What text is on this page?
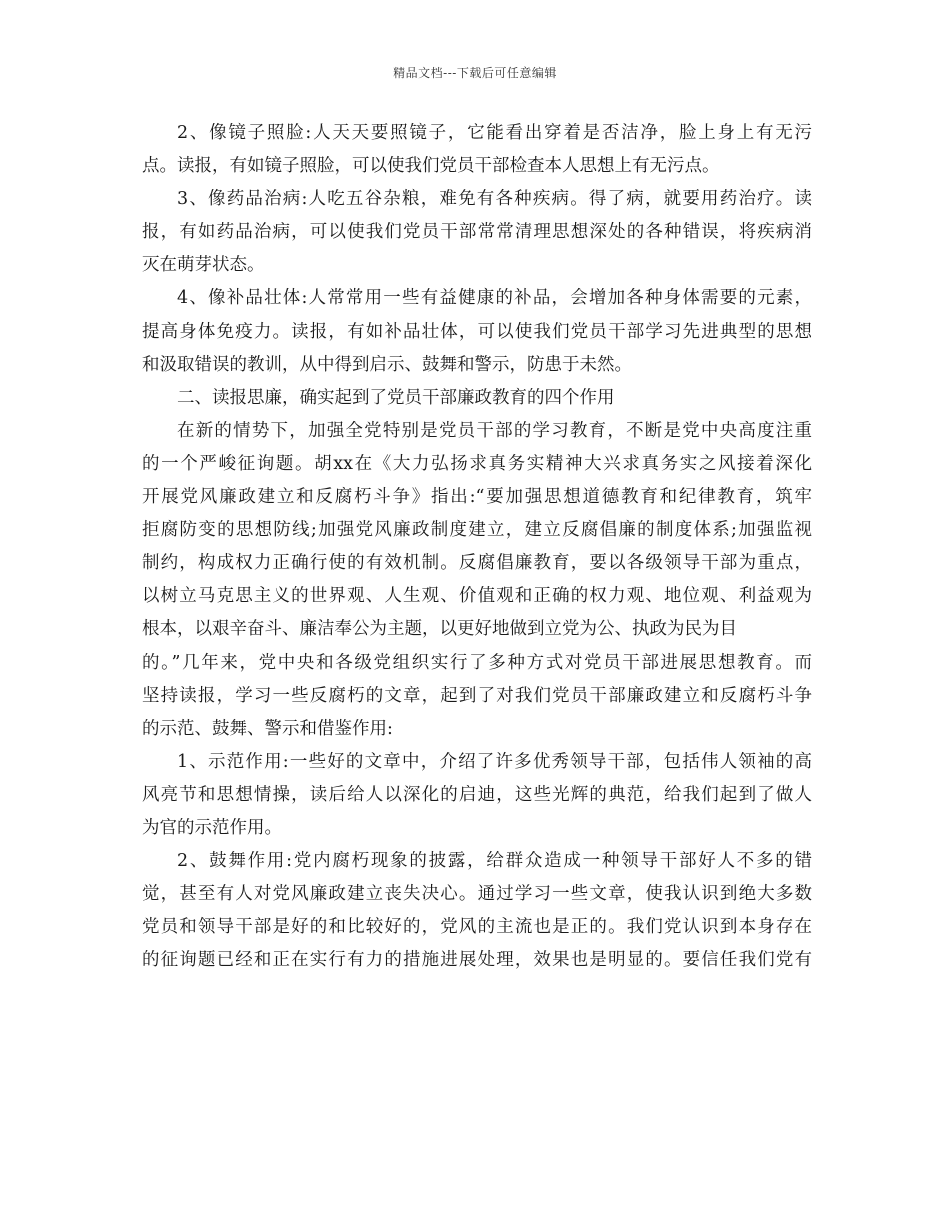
精品文档---下载后可任意编辑
2、像镜子照脸:人天天要照镜子，它能看出穿着是否洁净，脸上身上有无污
点。读报，有如镜子照脸，可以使我们党员干部检查本人思想上有无污点。
3、像药品治病:人吃五谷杂粮，难免有各种疾病。得了病，就要用药治疗。读
报，有如药品治病，可以使我们党员干部常常清理思想深处的各种错误，将疾病消
灭在萌芽状态。
4、像补品壮体:人常常用一些有益健康的补品，会增加各种身体需要的元素，
提高身体免疫力。读报，有如补品壮体，可以使我们党员干部学习先进典型的思想
和汲取错误的教训，从中得到启示、鼓舞和警示，防患于未然。
二、读报思廉，确实起到了党员干部廉政教育的四个作用
在新的情势下，加强全党特别是党员干部的学习教育，不断是党中央高度注重
的一个严峻征询题。胡xx在《大力弘扬求真务实精神大兴求真务实之风接着深化
开展党风廉政建立和反腐朽斗争》指出:“要加强思想道德教育和纪律教育，筑牢
拒腐防变的思想防线;加强党风廉政制度建立，建立反腐倡廉的制度体系;加强监视
制约，构成权力正确行使的有效机制。反腐倡廉教育，要以各级领导干部为重点，
以树立马克思主义的世界观、人生观、价值观和正确的权力观、地位观、利益观为
根本，以艰辛奋斗、廉洁奉公为主题，以更好地做到立党为公、执政为民为目
的。”几年来，党中央和各级党组织实行了多种方式对党员干部进展思想教育。而
坚持读报，学习一些反腐朽的文章，起到了对我们党员干部廉政建立和反腐朽斗争
的示范、鼓舞、警示和借鉴作用:
1、示范作用:一些好的文章中，介绍了许多优秀领导干部，包括伟人领袖的高
风亮节和思想情操，读后给人以深化的启迪，这些光辉的典范，给我们起到了做人
为官的示范作用。
2、鼓舞作用:党内腐朽现象的披露，给群众造成一种领导干部好人不多的错
觉，甚至有人对党风廉政建立丧失决心。通过学习一些文章，使我认识到绝大多数
党员和领导干部是好的和比较好的，党风的主流也是正的。我们党认识到本身存在
的征询题已经和正在实行有力的措施进展处理，效果也是明显的。要信任我们党有
